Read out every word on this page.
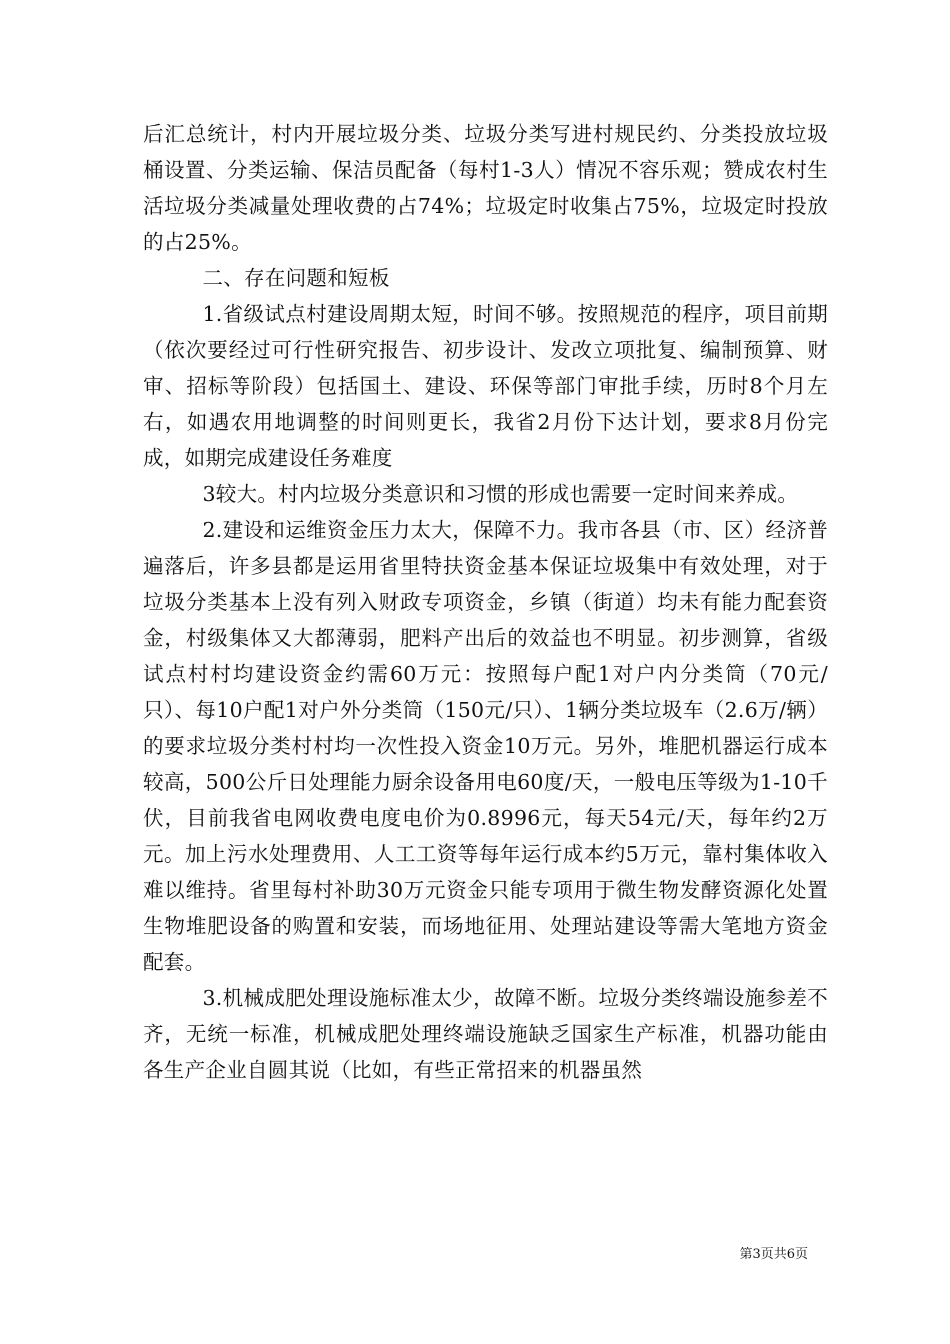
后汇总统计，村内开展垃圾分类、垃圾分类写进村规民约、分类投放垃圾桶设置、分类运输、保洁员配备（每村1-3人）情况不容乐观；赞成农村生活垃圾分类减量处理收费的占74%；垃圾定时收集占75%，垃圾定时投放的占25%。

二、存在问题和短板

1.省级试点村建设周期太短，时间不够。按照规范的程序，项目前期（依次要经过可行性研究报告、初步设计、发改立项批复、编制预算、财审、招标等阶段）包括国土、建设、环保等部门审批手续，历时8个月左右，如遇农用地调整的时间则更长，我省2月份下达计划，要求8月份完成，如期完成建设任务难度

3较大。村内垃圾分类意识和习惯的形成也需要一定时间来养成。

2.建设和运维资金压力太大，保障不力。我市各县（市、区）经济普遍落后，许多县都是运用省里特扶资金基本保证垃圾集中有效处理，对于垃圾分类基本上没有列入财政专项资金，乡镇（街道）均未有能力配套资金，村级集体又大都薄弱，肥料产出后的效益也不明显。初步测算，省级试点村村均建设资金约需60万元：按照每户配1对户内分类筒（70元/只）、每10户配1对户外分类筒（150元/只）、1辆分类垃圾车（2.6万/辆）的要求垃圾分类村村均一次性投入资金10万元。另外，堆肥机器运行成本较高，500公斤日处理能力厨余设备用电60度/天，一般电压等级为1-10千伏，目前我省电网收费电度电价为0.8996元，每天54元/天，每年约2万元。加上污水处理费用、人工工资等每年运行成本约5万元，靠村集体收入难以维持。省里每村补助30万元资金只能专项用于微生物发酵资源化处置生物堆肥设备的购置和安装，而场地征用、处理站建设等需大笔地方资金配套。

3.机械成肥处理设施标准太少，故障不断。垃圾分类终端设施参差不齐，无统一标准，机械成肥处理终端设施缺乏国家生产标准，机器功能由各生产企业自圆其说（比如，有些正常招来的机器虽然

第3页共6页
